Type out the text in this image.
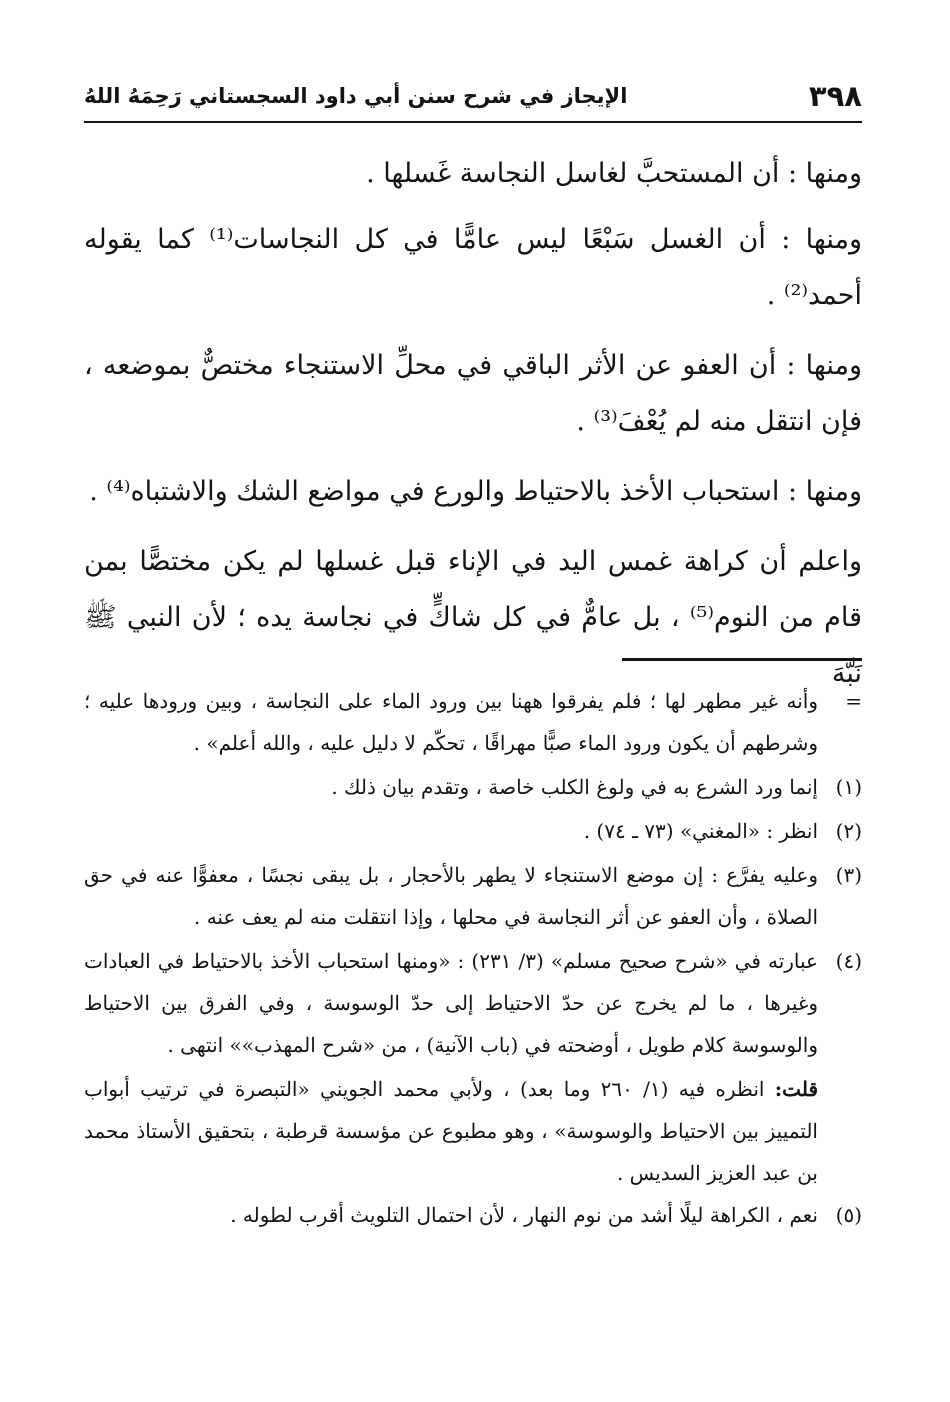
٣٩٨
الإيجاز في شرح سنن أبي داود السجستاني رَحِمَهُ اللهُ

ومنها : أن المستحبَّ لغاسل النجاسة غَسلها .

ومنها : أن الغسل سَبْعًا ليس عامًّا في كل النجاسات⁽¹⁾ كما يقوله أحمد⁽²⁾ .

ومنها : أن العفو عن الأثر الباقي في محلِّ الاستنجاء مختصٌّ بموضعه ، فإن انتقل منه لم يُعْفَ⁽³⁾ .

ومنها : استحباب الأخذ بالاحتياط والورع في مواضع الشك والاشتباه⁽⁴⁾ .

واعلم أن كراهة غمس اليد في الإناء قبل غسلها لم يكن مختصًّا بمن قام من النوم⁽⁵⁾ ، بل عامٌّ في كل شاكٍّ في نجاسة يده ؛ لأن النبي ﷺ نَبَّهَ

=
وأنه غير مطهر لها ؛ فلم يفرقوا ههنا بين ورود الماء على النجاسة ، وبين ورودها عليه ؛ وشرطهم أن يكون ورود الماء صبًّا مهراقًا ، تحكّم لا دليل عليه ، والله أعلم» .
(١)
إنما ورد الشرع به في ولوغ الكلب خاصة ، وتقدم بيان ذلك .
(٢)
انظر : «المغني» (٧٣ ـ ٧٤) .
(٣)
وعليه يفرَّع : إن موضع الاستنجاء لا يطهر بالأحجار ، بل يبقى نجسًا ، معفوًّا عنه في حق الصلاة ، وأن العفو عن أثر النجاسة في محلها ، وإذا انتقلت منه لم يعف عنه .
(٤)
عبارته في «شرح صحيح مسلم» (٣/ ٢٣١) : «ومنها استحباب الأخذ بالاحتياط في العبادات وغيرها ، ما لم يخرج عن حدّ الاحتياط إلى حدّ الوسوسة ، وفي الفرق بين الاحتياط والوسوسة كلام طويل ، أوضحته في (باب الآنية) ، من «شرح المهذب»» انتهى .
قلت: انظره فيه (١/ ٢٦٠ وما بعد) ، ولأبي محمد الجويني «التبصرة في ترتيب أبواب التمييز بين الاحتياط والوسوسة» ، وهو مطبوع عن مؤسسة قرطبة ، بتحقيق الأستاذ محمد بن عبد العزيز السديس .
(٥)
نعم ، الكراهة ليلًا أشد من نوم النهار ، لأن احتمال التلويث أقرب لطوله .
